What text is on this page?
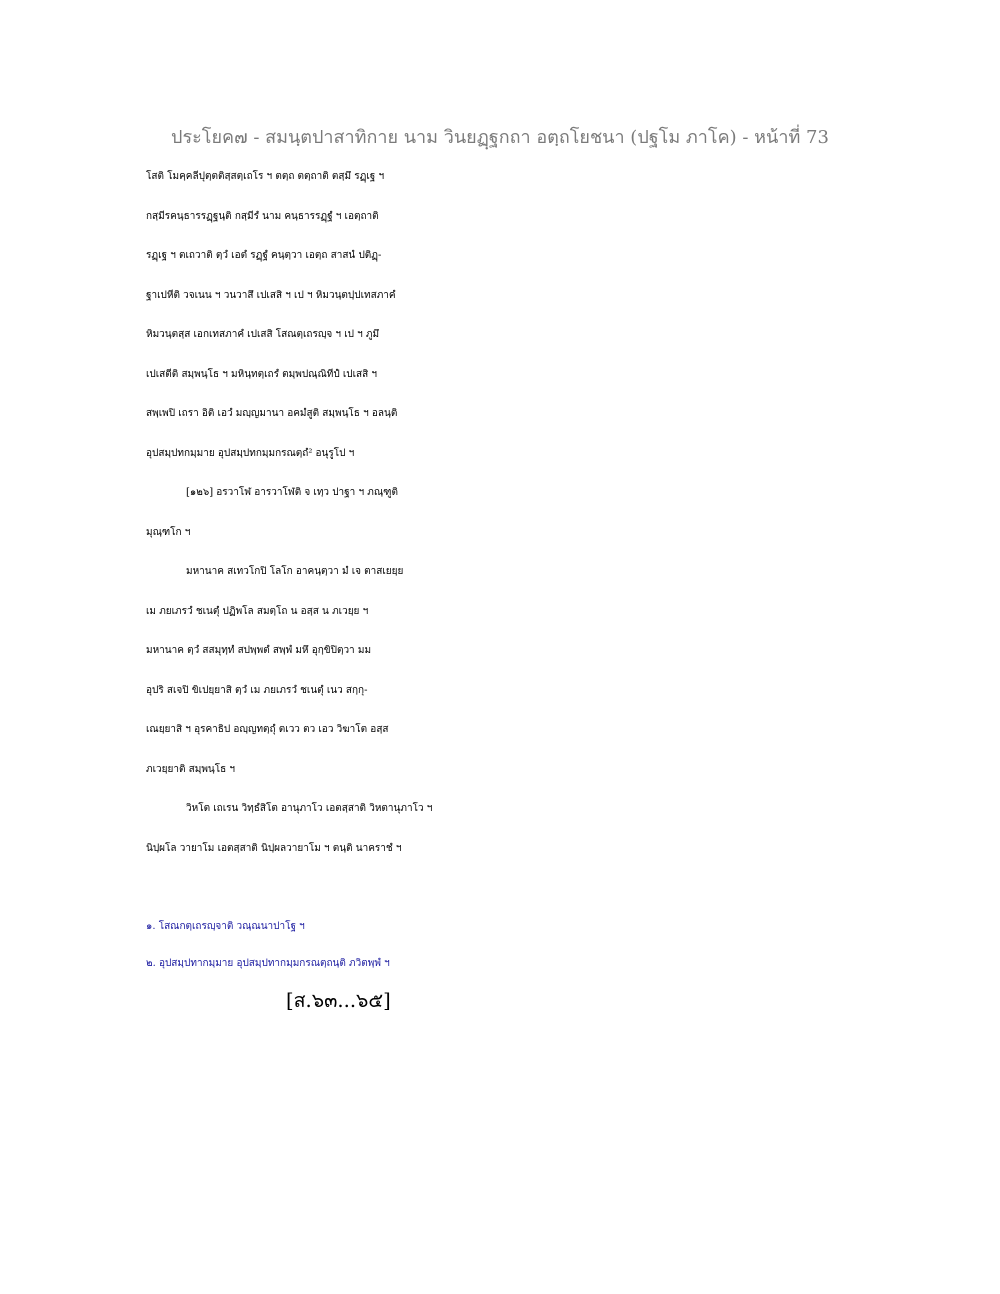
ประโยค๗ - สมนฺตปาสาทิกาย นาม วินยฏฺฐกถา อตฺถโยชนา (ปฐโม ภาโค) - หน้าที่ 73
โสติ โมคฺคลีปุตฺตติสฺสตฺเถโร ฯ ตตฺถ ตตฺถาติ ตสฺมึ รฏฺเฐ ฯ
กสฺมีรคนฺธารรฏฺฐนฺติ กสฺมีรํ นาม คนฺธารรฏฺฐํ ฯ เอตฺถาติ
รฏฺเฐ ฯ ตเถวาติ ตฺวํ เอตํ รฏฺฐํ คนฺตฺวา เอตฺถ สาสนํ ปติฏฺ-
ฐาเปหีติ วจเนน ฯ วนวาสึ เปเสสิ ฯ เป ฯ หิมวนฺตปฺปเทสภาคํ
หิมวนฺตสฺส เอกเทสภาคํ เปเสสิ โสณตฺเถรญฺจ ฯ เป ฯ ภูมึ
เปเสตีติ สมฺพนฺโธ ฯ มหินฺทตฺเถรํ ตมฺพปณฺณิทีปํ เปเสสิ ฯ
สพฺเพปิ เถรา อิติ เอวํ มญฺญมานา อคมํสูติ สมฺพนฺโธ ฯ อลนฺติ
อุปสมฺปทกมฺมาย อุปสมฺปทกมฺมกรณตฺถํ² อนุรูโป ฯ
[๑๒๖] อรวาโฬ อารวาโฬติ จ เทฺว ปาฐา ฯ ภณฺฑูติ
มุณฺฑโก ฯ
มหานาค สเทวโกปิ โลโก อาคนฺตฺวา มํ เจ ตาสเยยฺย
เม ภยเภรวํ ชเนตุํ ปฏิพโล สมตฺโถ น อสฺส น ภเวยฺย ฯ
มหานาค ตฺวํ สสมุทฺทํ สปพฺพตํ สพฺพํ มหึ อุกฺขิปิตฺวา มม
อุปริ สเจปิ ขิเปยฺยาสิ ตฺวํ เม ภยเภรวํ ชเนตุํ เนว สกฺกุ-
เณยฺยาสิ ฯ อุรคาธิป อญฺญทตฺถุํ ตเวว ตว เอว วิฆาโต อสฺส
ภเวยฺยาติ สมฺพนฺโธ ฯ
วิหโต เถเรน วิทฺธํสิโต อานุภาโว เอตสฺสาติ วิหตานุภาโว ฯ
นิปฺผโล วายาโม เอตสฺสาติ นิปฺผลวายาโม ฯ ตนฺติ นาคราชํ ฯ
๑. โสณกตฺเถรญฺจาติ วณฺณนาปาโฐ ฯ
๒. อุปสมฺปทากมฺมาย อุปสมฺปทากมฺมกรณตฺถนฺติ ภวิตพฺพํ ฯ
[ส.๖๓...๖๕]
